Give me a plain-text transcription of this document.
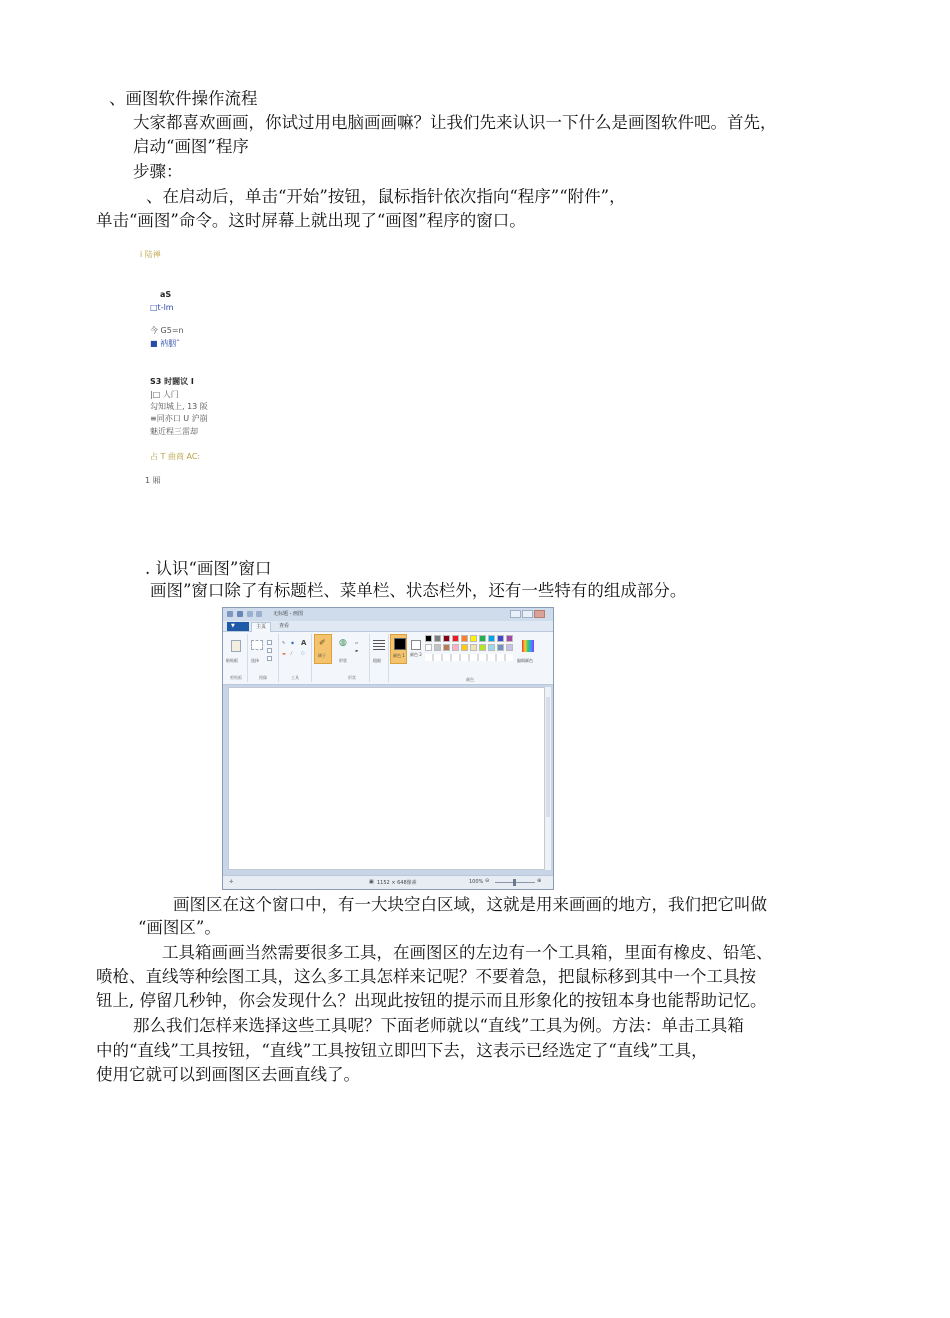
、画图软件操作流程
大家都喜欢画画，你试过用电脑画画嘛？让我们先来认识一下什么是画图软件吧。首先，
启动“画图”程序
步骤：
、在启动后，单击“开始”按钮，鼠标指针依次指向“程序”“附件”，
单击“画图”命令。这时屏幕上就出现了“画图”程序的窗口。
i 陆禅
aS
□t-lm
今 G5=n
■ 衲胭ˆ
S3 时闊议 I
|□ 人门
勾知城上, 13 阪
≡同亦口 U 沪崩
魅近程三雷却
占 T 曲商 AC:
1 厢
. 认识“画图”窗口
画图”窗口除了有标题栏、菜单栏、状态栏外，还有一些特有的组成部分。
无标题 - 画图
▼	主页	查看
粘贴板
剪贴板
选择
图像
✎ ◆ A
▬ ⁄ ○
工具
✐
刷子
◍
形状
▱
▰
形状
粗细
颜色 1 颜色 2
颜色
编辑颜色
✛	▣ 1152 × 648像素	100% ⊖	⊕
画图区在这个窗口中，有一大块空白区域，这就是用来画画的地方，我们把它叫做
“画图区”。
工具箱画画当然需要很多工具，在画图区的左边有一个工具箱，里面有橡皮、铅笔、
喷枪、直线等种绘图工具，这么多工具怎样来记呢？不要着急，把鼠标移到其中一个工具按
钮上, 停留几秒钟，你会发现什么？出现此按钮的提示而且形象化的按钮本身也能帮助记忆。
那么我们怎样来选择这些工具呢？下面老师就以“直线”工具为例。方法：单击工具箱
中的“直线”工具按钮，“直线”工具按钮立即凹下去，这表示已经选定了“直线”工具，
使用它就可以到画图区去画直线了。
